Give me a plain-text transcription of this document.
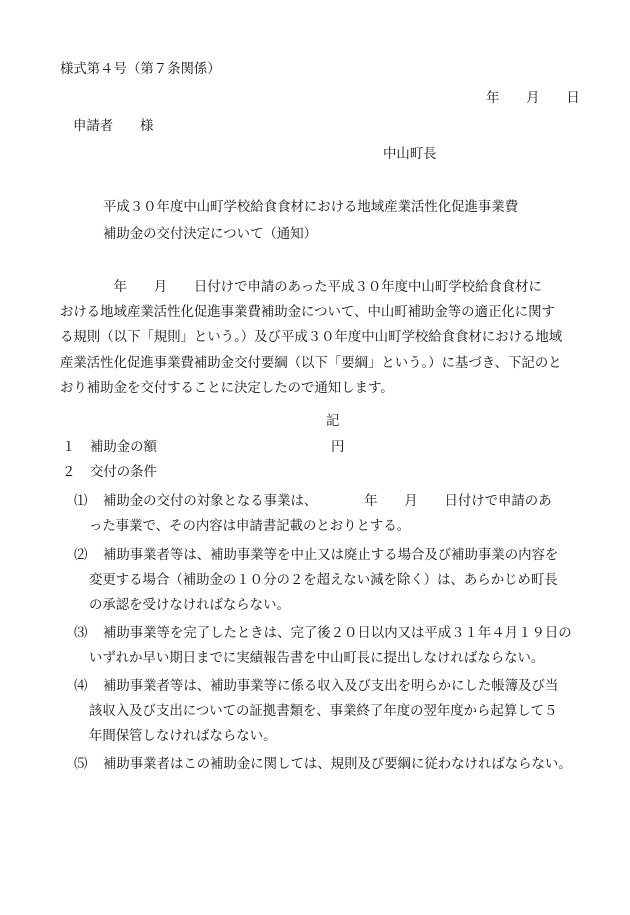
様式第４号（第７条関係）
年　　月　　日
申請者　　様
中山町長
平成３０年度中山町学校給食食材における地域産業活性化促進事業費
補助金の交付決定について（通知）
　　　　年　　月　　日付けで申請のあった平成３０年度中山町学校給食食材に
おける地域産業活性化促進事業費補助金について、中山町補助金等の適正化に関す
る規則（以下「規則」という。）及び平成３０年度中山町学校給食食材における地域
産業活性化促進事業費補助金交付要綱（以下「要綱」という。）に基づき、下記のと
おり補助金を交付することに決定したので通知します。
記
１ 補助金の額	円
２ 交付の条件
⑴ 補助金の交付の対象となる事業は、　　　　年　　月　　日付けで申請のあ
った事業で、その内容は申請書記載のとおりとする。
⑵ 補助事業者等は、補助事業等を中止又は廃止する場合及び補助事業の内容を
変更する場合（補助金の１０分の２を超えない減を除く）は、あらかじめ町長
の承認を受けなければならない。
⑶ 補助事業等を完了したときは、完了後２０日以内又は平成３１年４月１９日の
いずれか早い期日までに実績報告書を中山町長に提出しなければならない。
⑷ 補助事業者等は、補助事業等に係る収入及び支出を明らかにした帳簿及び当
該収入及び支出についての証拠書類を、事業終了年度の翌年度から起算して５
年間保管しなければならない。
⑸ 補助事業者はこの補助金に関しては、規則及び要綱に従わなければならない。
